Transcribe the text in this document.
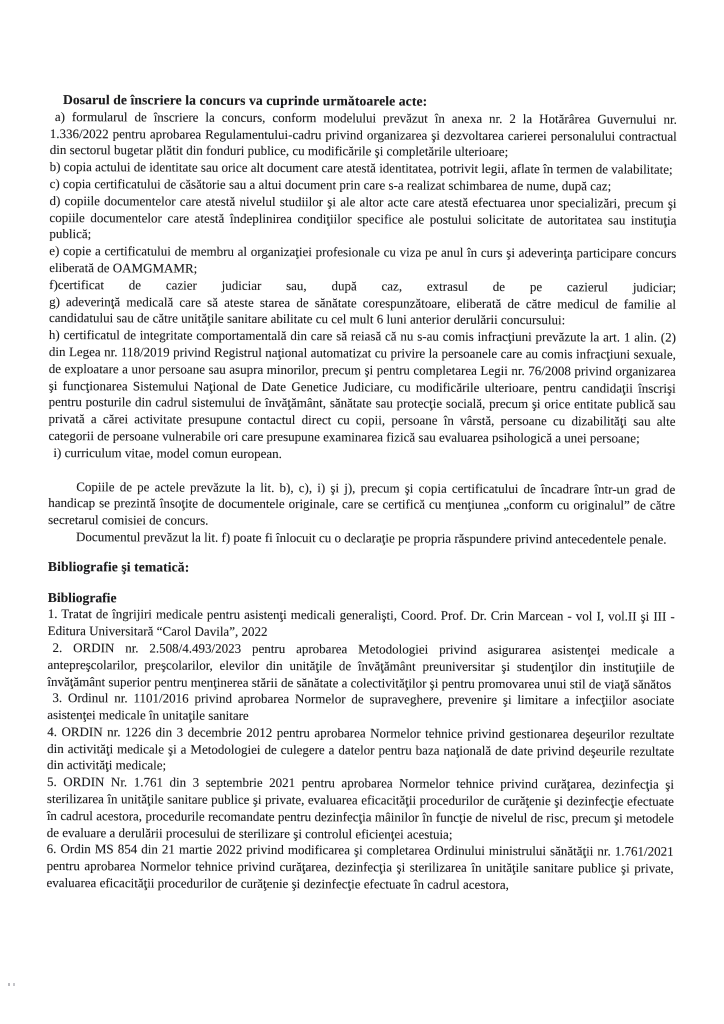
Dosarul de înscriere la concurs va cuprinde următoarele acte:

a) formularul de înscriere la concurs, conform modelului prevăzut în anexa nr. 2 la Hotărârea Guvernului nr. 1.336/2022 pentru aprobarea Regulamentului-cadru privind organizarea şi dezvoltarea carierei personalului contractual din sectorul bugetar plătit din fonduri publice, cu modificările şi completările ulterioare;

b) copia actului de identitate sau orice alt document care atestă identitatea, potrivit legii, aflate în termen de valabilitate;

c) copia certificatului de căsătorie sau a altui document prin care s-a realizat schimbarea de nume, după caz;

d) copiile documentelor care atestă nivelul studiilor şi ale altor acte care atestă efectuarea unor specializări, precum şi copiile documentelor care atestă îndeplinirea condiţiilor specifice ale postului solicitate de autoritatea sau instituţia publică;

e) copie a certificatului de membru al organizaţiei profesionale cu viza pe anul în curs şi adeverinţa participare concurs eliberată de OAMGMAMR;

f)certificat de cazier judiciar sau, după caz, extrasul de pe cazierul judiciar;

g) adeverinţă medicală care să ateste starea de sănătate corespunzătoare, eliberată de către medicul de familie al candidatului sau de către unităţile sanitare abilitate cu cel mult 6 luni anterior derulării concursului:

h) certificatul de integritate comportamentală din care să reiasă că nu s-au comis infracţiuni prevăzute la art. 1 alin. (2) din Legea nr. 118/2019 privind Registrul naţional automatizat cu privire la persoanele care au comis infracţiuni sexuale, de exploatare a unor persoane sau asupra minorilor, precum şi pentru completarea Legii nr. 76/2008 privind organizarea şi funcţionarea Sistemului Naţional de Date Genetice Judiciare, cu modificările ulterioare, pentru candidaţii înscrişi pentru posturile din cadrul sistemului de învăţământ, sănătate sau protecţie socială, precum şi orice entitate publică sau privată a cărei activitate presupune contactul direct cu copii, persoane în vârstă, persoane cu dizabilităţi sau alte categorii de persoane vulnerabile ori care presupune examinarea fizică sau evaluarea psihologică a unei persoane;

i) curriculum vitae, model comun european.

Copiile de pe actele prevăzute la lit. b), c), i) şi j), precum şi copia certificatului de încadrare într-un grad de handicap se prezintă însoţite de documentele originale, care se certifică cu menţiunea „conform cu originalul” de către secretarul comisiei de concurs.

Documentul prevăzut la lit. f) poate fi înlocuit cu o declaraţie pe propria răspundere privind antecedentele penale.

Bibliografie şi tematică:

Bibliografie

1. Tratat de îngrijiri medicale pentru asistenţi medicali generalişti, Coord. Prof. Dr. Crin Marcean - vol I, vol.II şi III - Editura Universitară “Carol Davila”, 2022

2. ORDIN nr. 2.508/4.493/2023 pentru aprobarea Metodologiei privind asigurarea asistenţei medicale a antepreşcolarilor, preşcolarilor, elevilor din unităţile de învăţământ preuniversitar şi studenţilor din instituţiile de învăţământ superior pentru menţinerea stării de sănătate a colectivităţilor şi pentru promovarea unui stil de viaţă sănătos

3. Ordinul nr. 1101/2016 privind aprobarea Normelor de supraveghere, prevenire şi limitare a infecţiilor asociate asistenţei medicale în unitaţile sanitare

4. ORDIN nr. 1226 din 3 decembrie 2012 pentru aprobarea Normelor tehnice privind gestionarea deşeurilor rezultate din activităţi medicale şi a Metodologiei de culegere a datelor pentru baza naţională de date privind deşeurile rezultate din activităţi medicale;

5. ORDIN Nr. 1.761 din 3 septembrie 2021 pentru aprobarea Normelor tehnice privind curăţarea, dezinfecţia şi sterilizarea în unităţile sanitare publice şi private, evaluarea eficacităţii procedurilor de curăţenie şi dezinfecţie efectuate în cadrul acestora, procedurile recomandate pentru dezinfecţia mâinilor în funcţie de nivelul de risc, precum şi metodele de evaluare a derulării procesului de sterilizare şi controlul eficienţei acestuia;

6. Ordin MS 854 din 21 martie 2022 privind modificarea şi completarea Ordinului ministrului sănătăţii nr. 1.761/2021 pentru aprobarea Normelor tehnice privind curăţarea, dezinfecţia şi sterilizarea în unităţile sanitare publice şi private, evaluarea eficacităţii procedurilor de curăţenie şi dezinfecţie efectuate în cadrul acestora,
